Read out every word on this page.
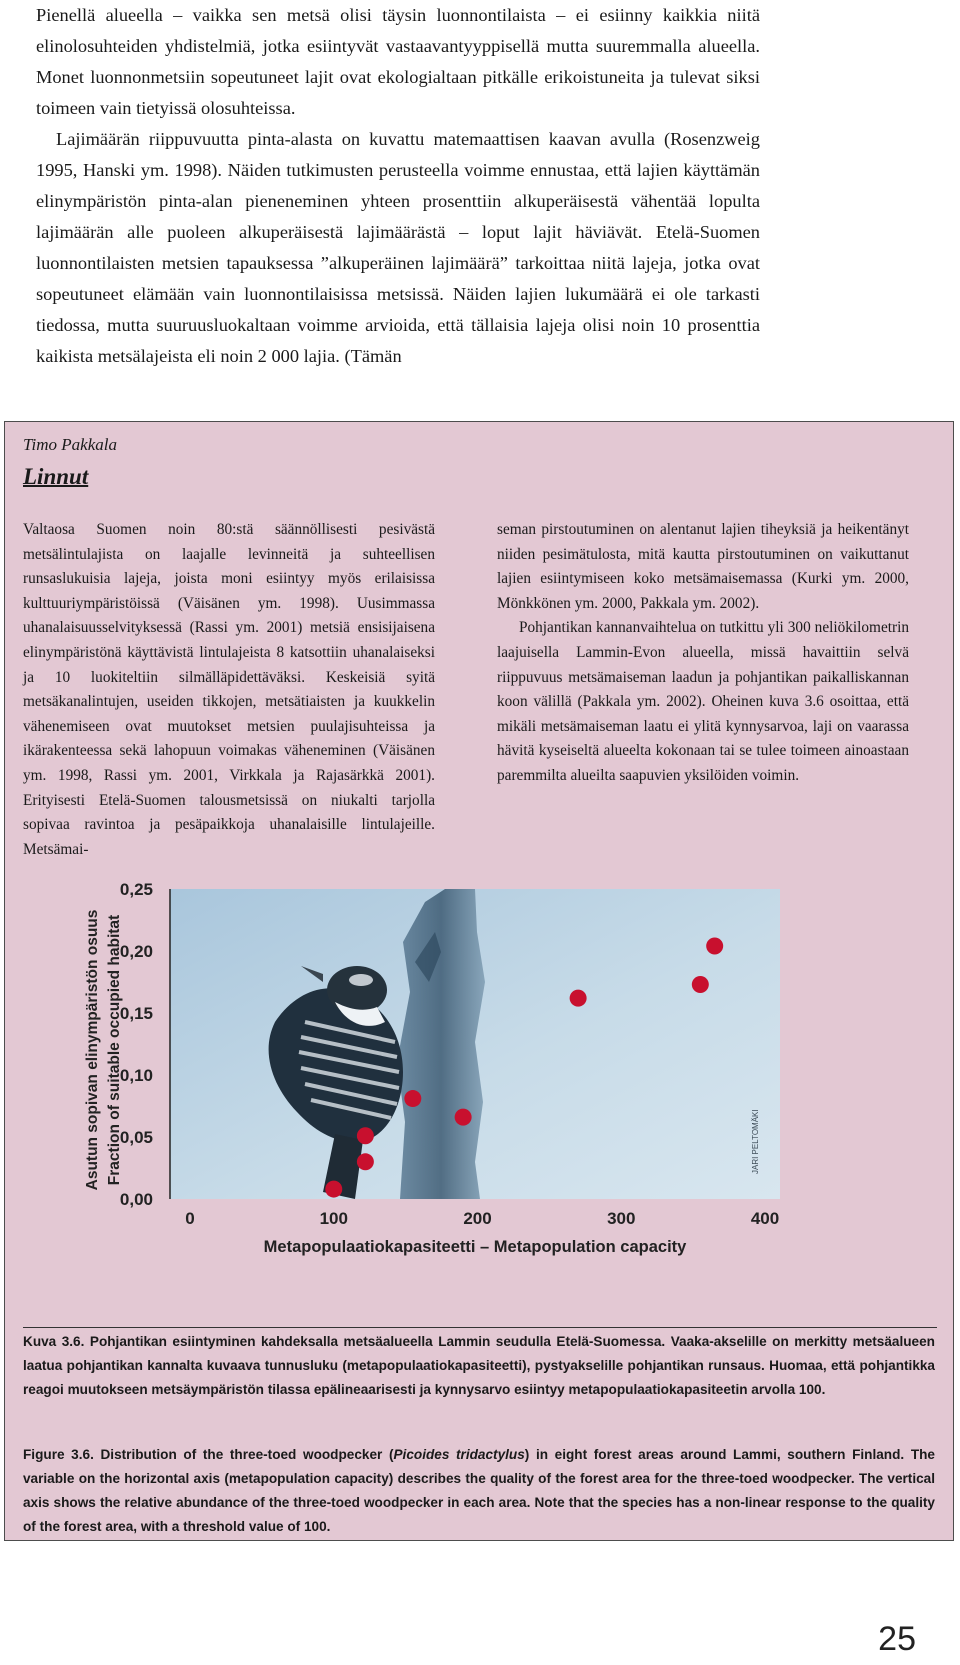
Pienellä alueella – vaikka sen metsä olisi täysin luonnontilaista – ei esiinny kaikkia niitä elinolosuhteiden yhdistelmiä, jotka esiintyvät vastaavantyyppisellä mutta suuremmalla alueella. Monet luonnonmetsiin sopeutuneet lajit ovat ekologialtaan pitkälle erikoistuneita ja tulevat siksi toimeen vain tietyissä olosuhteissa.

Lajimäärän riippuvuutta pinta-alasta on kuvattu matemaattisen kaavan avulla (Rosenzweig 1995, Hanski ym. 1998). Näiden tutkimusten perusteella voimme ennustaa, että lajien käyttämän elinympäristön pinta-alan pieneneminen yhteen prosenttiin alkuperäisestä vähentää lopulta lajimäärän alle puoleen alkuperäisestä lajimäärästä – loput lajit häviävät. Etelä-Suomen luonnontilaisten metsien tapauksessa ”alkuperäinen lajimäärä” tarkoittaa niitä lajeja, jotka ovat sopeutuneet elämään vain luonnontilaisissa metsissä. Näiden lajien lukumäärä ei ole tarkasti tiedossa, mutta suuruusluokaltaan voimme arvioida, että tällaisia lajeja olisi noin 10 prosenttia kaikista metsälajeista eli noin 2 000 lajia. (Tämän

Timo Pakkala
Linnut

Valtaosa Suomen noin 80:stä säännöllisesti pesivästä metsälintulajista on laajalle levinneitä ja suhteellisen runsaslukuisia lajeja, joista moni esiintyy myös erilaisissa kulttuuriympäristöissä (Väisänen ym. 1998). Uusimmassa uhanalaisuusselvityksessä (Rassi ym. 2001) metsiä ensisijaisena elinympäristönä käyttävistä lintulajeista 8 katsottiin uhanalaiseksi ja 10 luokiteltiin silmälläpidettäväksi. Keskeisiä syitä metsäkanalintujen, useiden tikkojen, metsätiaisten ja kuukkelin vähenemiseen ovat muutokset metsien puulajisuhteissa ja ikärakenteessa sekä lahopuun voimakas väheneminen (Väisänen ym. 1998, Rassi ym. 2001, Virkkala ja Rajasärkkä 2001). Erityisesti Etelä-Suomen talousmetsissä on niukalti tarjolla sopivaa ravintoa ja pesäpaikkoja uhanalaisille lintulajeille. Metsämai-

seman pirstoutuminen on alentanut lajien tiheyksiä ja heikentänyt niiden pesimätulosta, mitä kautta pirstoutuminen on vaikuttanut lajien esiintymiseen koko metsämaisemassa (Kurki ym. 2000, Mönkkönen ym. 2000, Pakkala ym. 2002).

Pohjantikan kannanvaihtelua on tutkittu yli 300 neliökilometrin laajuisella Lammin-Evon alueella, missä havaittiin selvä riippuvuus metsämaiseman laadun ja pohjantikan paikalliskannan koon välillä (Pakkala ym. 2002). Oheinen kuva 3.6 osoittaa, että mikäli metsämaiseman laatu ei ylitä kynnysarvoa, laji on vaarassa hävitä kyseiseltä alueelta kokonaan tai se tulee toimeen ainoastaan paremmilta alueilta saapuvien yksilöiden voimin.

0,00
0,05
0,10
0,15
0,20
0,25
0	100	200	300	400
JARI PELTOMÄKI
Metapopulaatiokapasiteetti – Metapopulation capacity
Asutun sopivan elinympäristön osuus Fraction of suitable occupied habitat
Kuva 3.6. Pohjantikan esiintyminen kahdeksalla metsäalueella Lammin seudulla Etelä-Suomessa. Vaaka-akselille on merkitty metsäalueen laatua pohjantikan kannalta kuvaava tunnusluku (metapopulaatiokapasiteetti), pystyakselille pohjantikan runsaus. Huomaa, että pohjantikka reagoi muutokseen metsäympäristön tilassa epälineaarisesti ja kynnysarvo esiintyy metapopulaatiokapasiteetin arvolla 100.
Figure 3.6. Distribution of the three-toed woodpecker (Picoides tridactylus) in eight forest areas around Lammi, southern Finland. The variable on the horizontal axis (metapopulation capacity) describes the quality of the forest area for the three-toed woodpecker. The vertical axis shows the relative abundance of the three-toed woodpecker in each area. Note that the species has a non-linear response to the quality of the forest area, with a threshold value of 100.
25
